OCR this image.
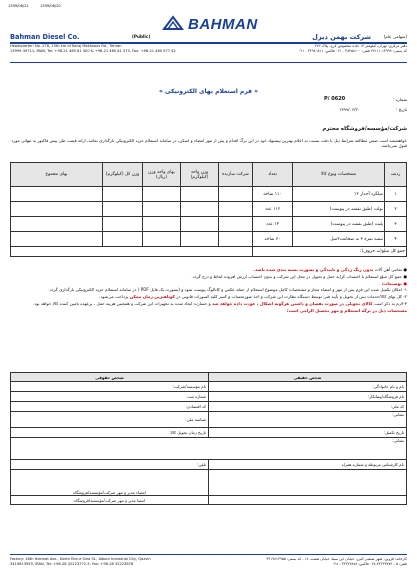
1399/06/22	1399/06/20
BAHMAN
(Public)
Bahman Diesel Co.	شرکت بهمن دیزل	(سهامی عام)
Headquarter: No. 276, 13th km of Karaj Makhsous Rd., Tehran
13999-39711, IRAN, Tel: +98-21 480 81 400 & +98-21 480 81 570, Fax: +98-21 480 977 42
دفتر مرکزی: تهران، کیلومتر ۱۳ جاده مخصوص کرج، پلاک ۲۷۶
کد پستی: ۱۳۹۹۹-۳۷۱۱۱ تلفن: ۴۸۴۵۸۱۰۰ - ۰۲۱ فاکس: ۴۴۹۸۰۵۱۱ - ۰۲۱
« فرم استعلام بهای الکترونیکی »
شماره :
P/ 0620
تاریخ :
۱۳۹۹/۰۶/۲۰
شرکت/مؤسسه/فروشگاه محترم
خواهشمند است ضمن مطالعه شرایط ذیل با دقت نسبت به اعلام بهترین پیشنهاد خود در این برگ اقدام و پس از مهر امضاء و اسکن، در سامانه استعلام خرید الکترونیکی بارگذاری نمائید، ارائه قیمت طی پیش فاکتور به تنهائی مورد قبول نمی‌باشد.
ردیف	مشخصات ونوع کالا	تعداد	شرکت سازنده	وزن واحد (کیلوگرم)	بهای واحد وزن (ریال)	وزن کل (کیلوگرم)	بهای مجموع
۱	میلگرد آجدار ۱۲	۱۱۰ شاخه					
۲	بولت (طبق نقشه در پیوست)	۱۱۲ عدد					
۳	پلیت (طبق نقشه در پیوست)	۱۴ عدد					
۴	نبشه نمره ۳ به ضخامت۳میل	۳۰ شاخه					
جمع کل مبلغ(به حروف):							

● تمامی آهن آلات بدون زنگ زدگی و تابیدگی و بصورت بسته بندی شده باشد.

● جمع کل مبلغ استعلام با احتساب کرایه حمل و تحویل در محل این شرکت و بدون احتساب ارزش افزوده لحاظ و درج گردد.

● توضیحات:

۱- امکان تکمیل شده این فرم پس از مهر و امضاء مجاز و مشخصات کامل موضوع استعلام از جمله عکس و کاتالوگ پیوست شود و (بصورت یک فایل PDF ) در سامانه استعلام خرید الکترونیکی بارگذاری گردد.

۲- کل بهای کالا/خدمات پس از تحویل و تأیید فنی توسط دستگاه نظارت این شرکت و اخذ صورتحساب و کسر کلیه کسورات قانونی در کوتاهترین زمان ممکن پرداخت می‌شود.

۳-لازم به ذکر است کالای تحویلی در صورت نقصان و داشتن هرگونه اشکال ، عودت داده خواهد شد و خسارت ایجاد شده به تجهیزات این شرکت و همچنین هزینه حمل ، برعهده تامین کننده کالا خواهد بود.

مشخصات ذیل در برگه استعلام و مهر تحصیل الزامی است:

شخص حقیقی	شخص حقوقی
نام و نام خانوادگی:	نام مؤسسه/شرکت:
نام فروشگاه/پیمانکار:	شماره ثبت:
کد ملی:	کد اقتصادی:
نشانی:	شناسه ملی:
تاریخ تکمیل:	تاریخ زمان تحویل کالا:
نشانی:	
نام کارشناس مربوطه و شماره همراه	تلفن:
	امضاء مدیر و مهر شرکت/مؤسسه/فروشگاه
	امضا مدیر و مهر شرکت/مؤسسه/فروشگاه
Factory: 18th Hekmat Ave., North Ebn-e Sina St., Alborz Industrial City, Qazvin
3419813955, IRAN, Tel: +98-28 32223772-5, Fax: +98-28 32223878
کارخانه: قزوین، شهر صنعتی البرز، خیابان ابن سینا، خیابان هتمت، ۱۸ ، کد پستی: ۳۴۱۹۸۱۳۹۵۵
تلفن: ۵ - ۳۲۲۲۳۷۷۲-۰۲۸ فاکس: ۳۲۲۲۳۸۷۸ - ۰۲۸
